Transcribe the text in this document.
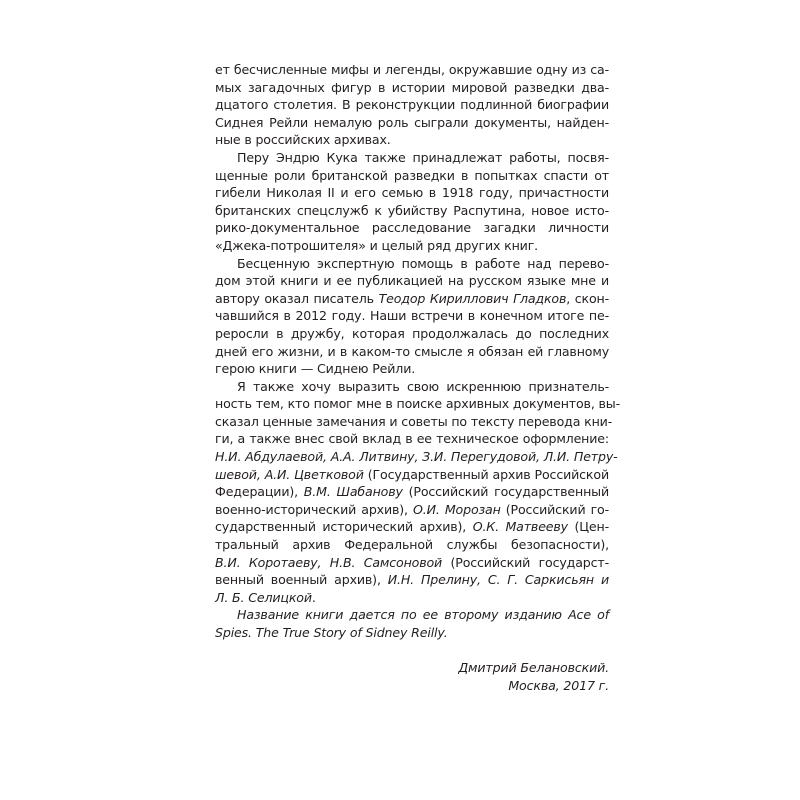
ет бесчисленные мифы и легенды, окружавшие одну из са-
мых загадочных фигур в истории мировой разведки два-
дцатого столетия. В реконструкции подлинной биографии
Сиднея Рейли немалую роль сыграли документы, найден-
ные в российских архивах.
Перу Эндрю Кука также принадлежат работы, посвя-
щенные роли британской разведки в попытках спасти от
гибели Николая II и его семью в 1918 году, причастности
британских спецслужб к убийству Распутина, новое исто-
рико-документальное расследование загадки личности
«Джека-потрошителя» и целый ряд других книг.
Бесценную экспертную помощь в работе над перево-
дом этой книги и ее публикацией на русском языке мне и
автору оказал писатель Теодор Кириллович Гладков, скон-
чавшийся в 2012 году. Наши встречи в конечном итоге пе-
реросли в дружбу, которая продолжалась до последних
дней его жизни, и в каком-то смысле я обязан ей главному
герою книги — Сиднею Рейли.
Я также хочу выразить свою искреннюю признатель-
ность тем, кто помог мне в поиске архивных документов, вы-
сказал ценные замечания и советы по тексту перевода кни-
ги, а также внес свой вклад в ее техническое оформление:
Н.И. Абдулаевой, А.А. Литвину, З.И. Перегудовой, Л.И. Петру-
шевой, А.И. Цветковой (Государственный архив Российской
Федерации), В.М. Шабанову (Российский государственный
военно-исторический архив), О.И. Морозан (Российский го-
сударственный исторический архив), О.К. Матвееву (Цен-
тральный архив Федеральной службы безопасности),
В.И. Коротаеву, Н.В. Самсоновой (Российский государст-
венный военный архив), И.Н. Прелину, С. Г. Саркисьян и
Л. Б. Селицкой.
Название книги дается по ее второму изданию Ace of
Spies. The True Story of Sidney Reilly.
Дмитрий Белановский.
Москва, 2017 г.
